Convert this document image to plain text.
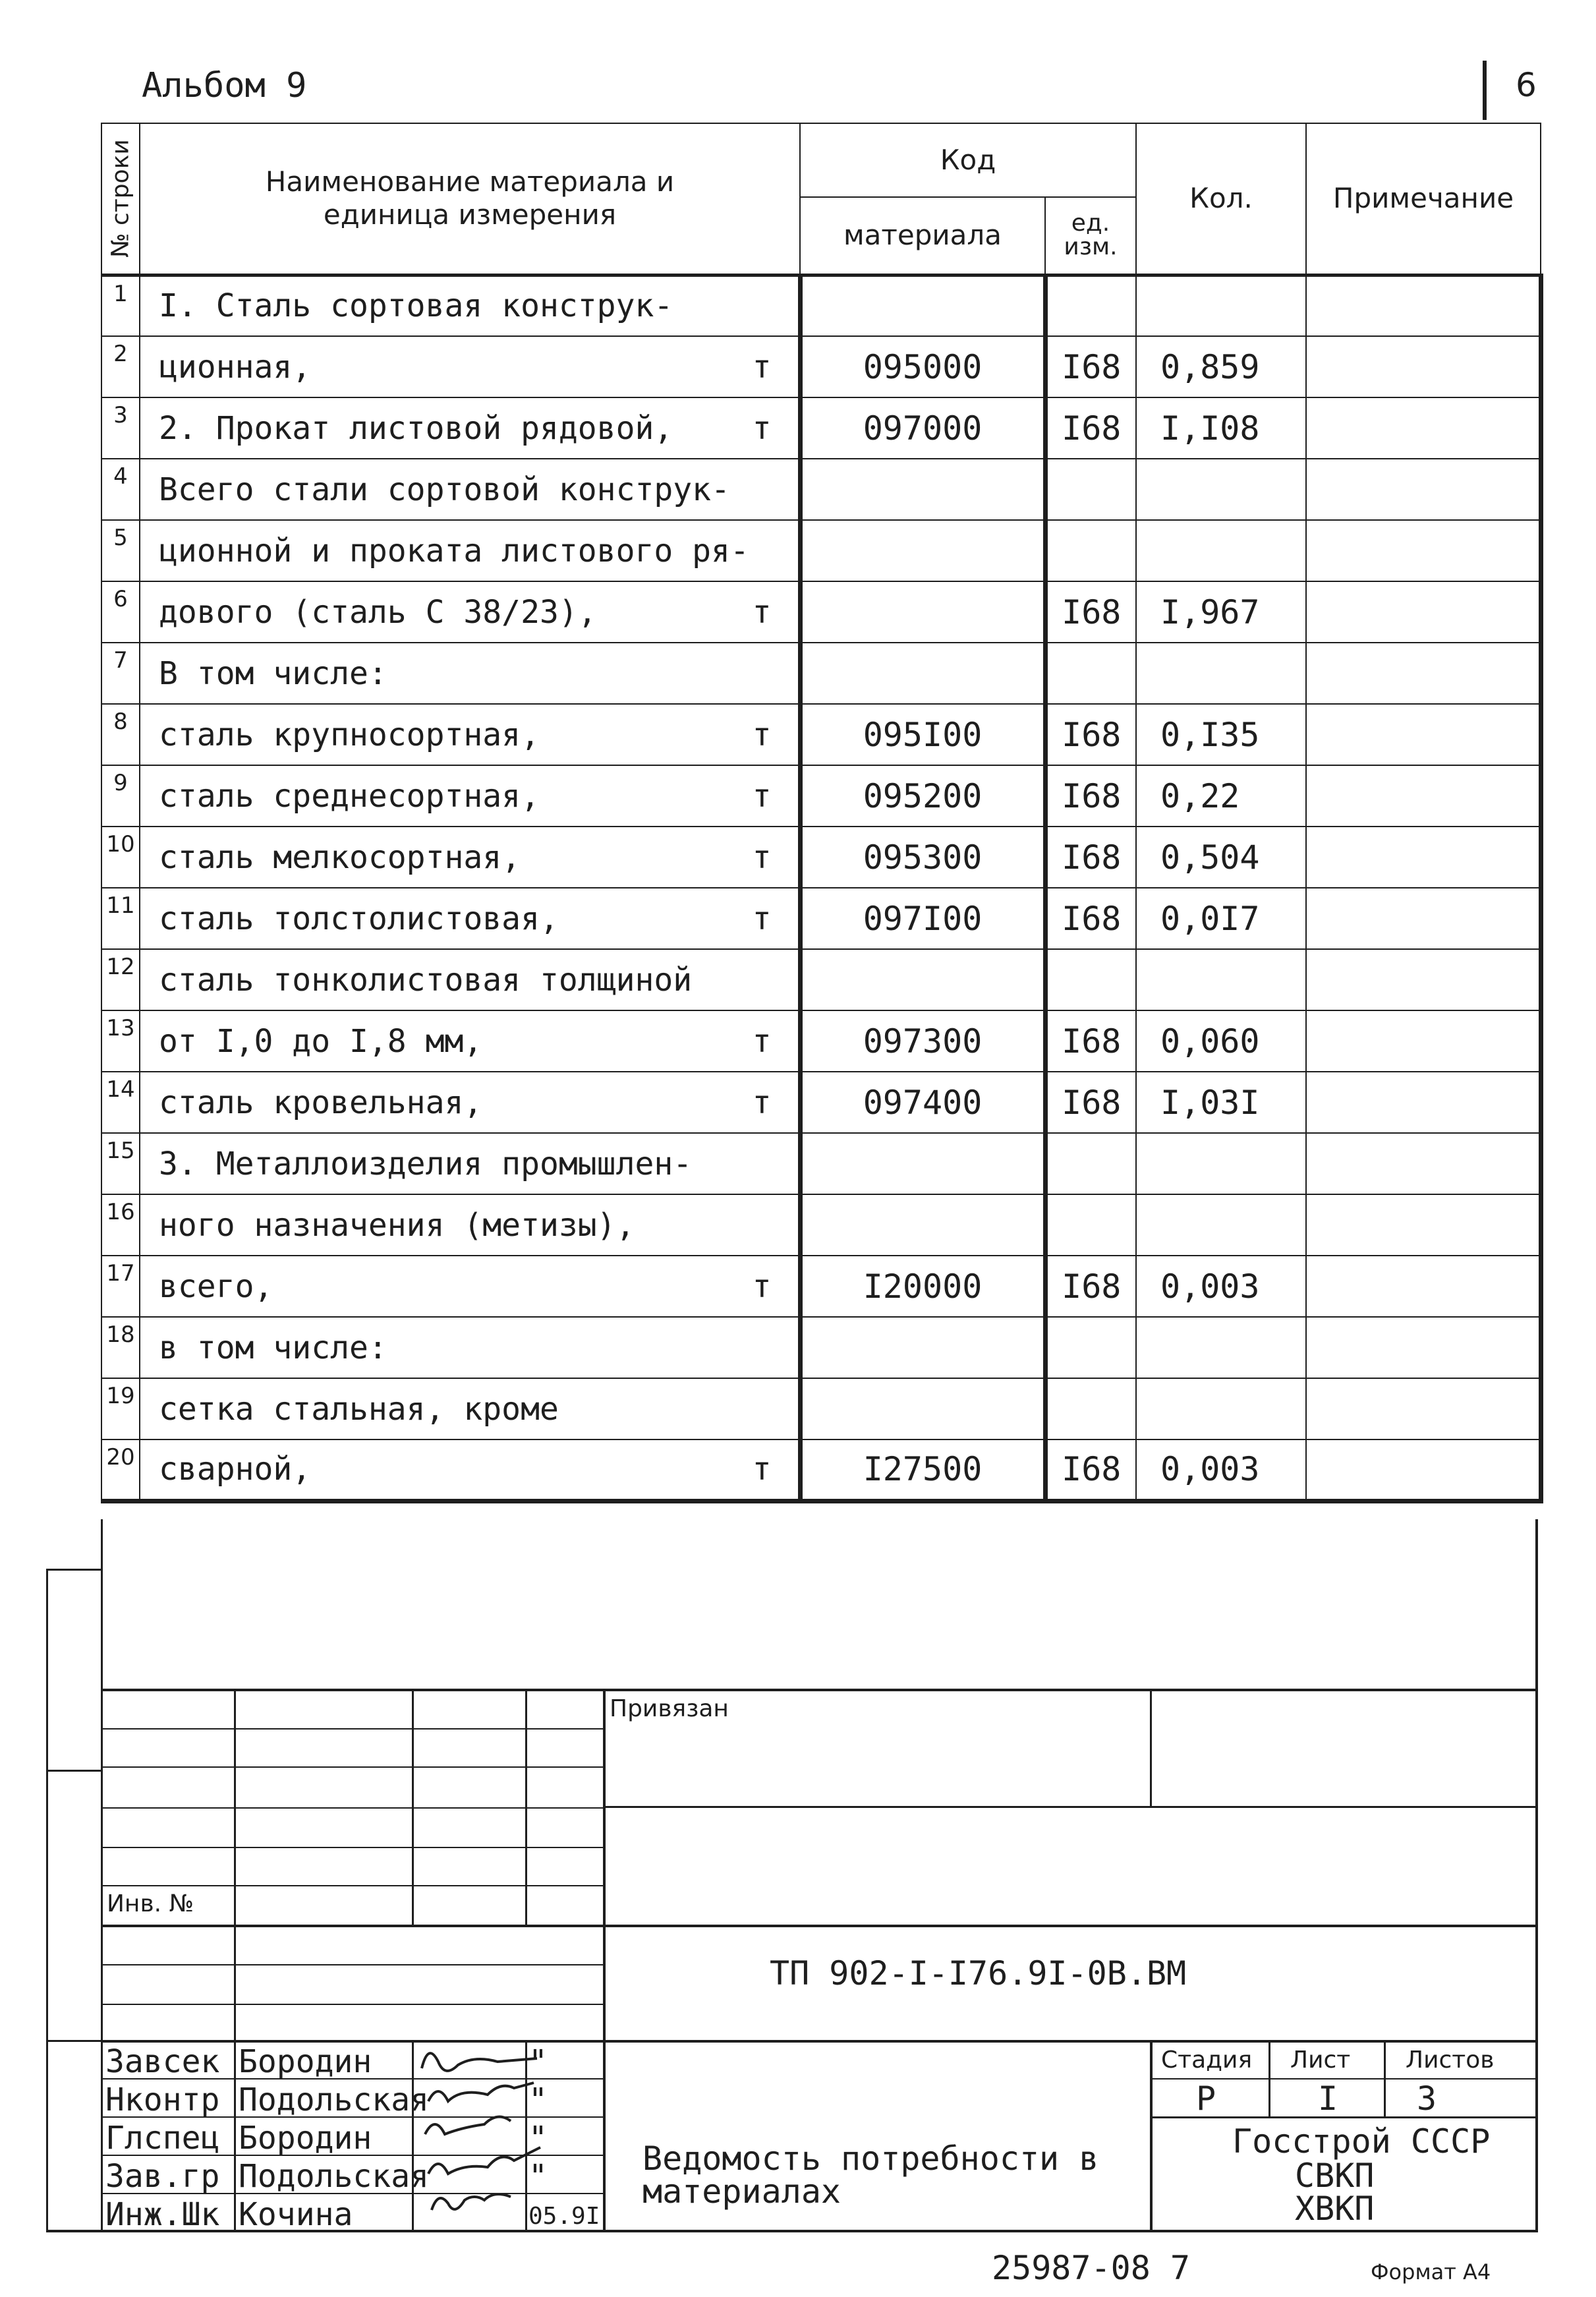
Альбом 9	6
№ строки	Наименование материала и единица измерения	Код		Кол.	Примечание
		материала	ед. изм.		
1	I. Сталь сортовая конструк-

2	ционная, т	095000	I68	0,859	
3	2. Прокат листовой рядовой, т	097000	I68	I,I08	
4	Всего стали сортовой конструк-

5	ционной и проката листового ря-

6	дового (сталь С 38/23), т		I68	I,967	
7	В том числе:

8	сталь крупносортная, т	095I00	I68	0,I35	
9	сталь среднесортная, т	095200	I68	0,22	
10	сталь мелкосортная, т	095300	I68	0,504	
11	сталь толстолистовая, т	097I00	I68	0,0I7	
12	сталь тонколистовая толщиной

13	от I,0 до I,8 мм, т	097300	I68	0,060	
14	сталь кровельная, т	097400	I68	I,03I	
15	3. Металлоизделия промышлен-

16	ного назначения (метизы),

17	всего, т	I20000	I68	0,003	
18	в том числе:

19	сетка стальная, кроме

20	сварной, т	I27500	I68	0,003	
Привязан
Инв. №
ТП 902-I-I76.9I-0В.ВМ
Ведомость потребности в материалах
Стадия Лист Листов
Р	I 3
Госстрой СССР
СВКП
ХВКП
Завсек Бородин	"
Нконтр Подольская	"
Глспец Бородин	"
Зав.гр Подольская	"
Инж.Шк Кочина	05.9I
25987-08 7	Формат А4
